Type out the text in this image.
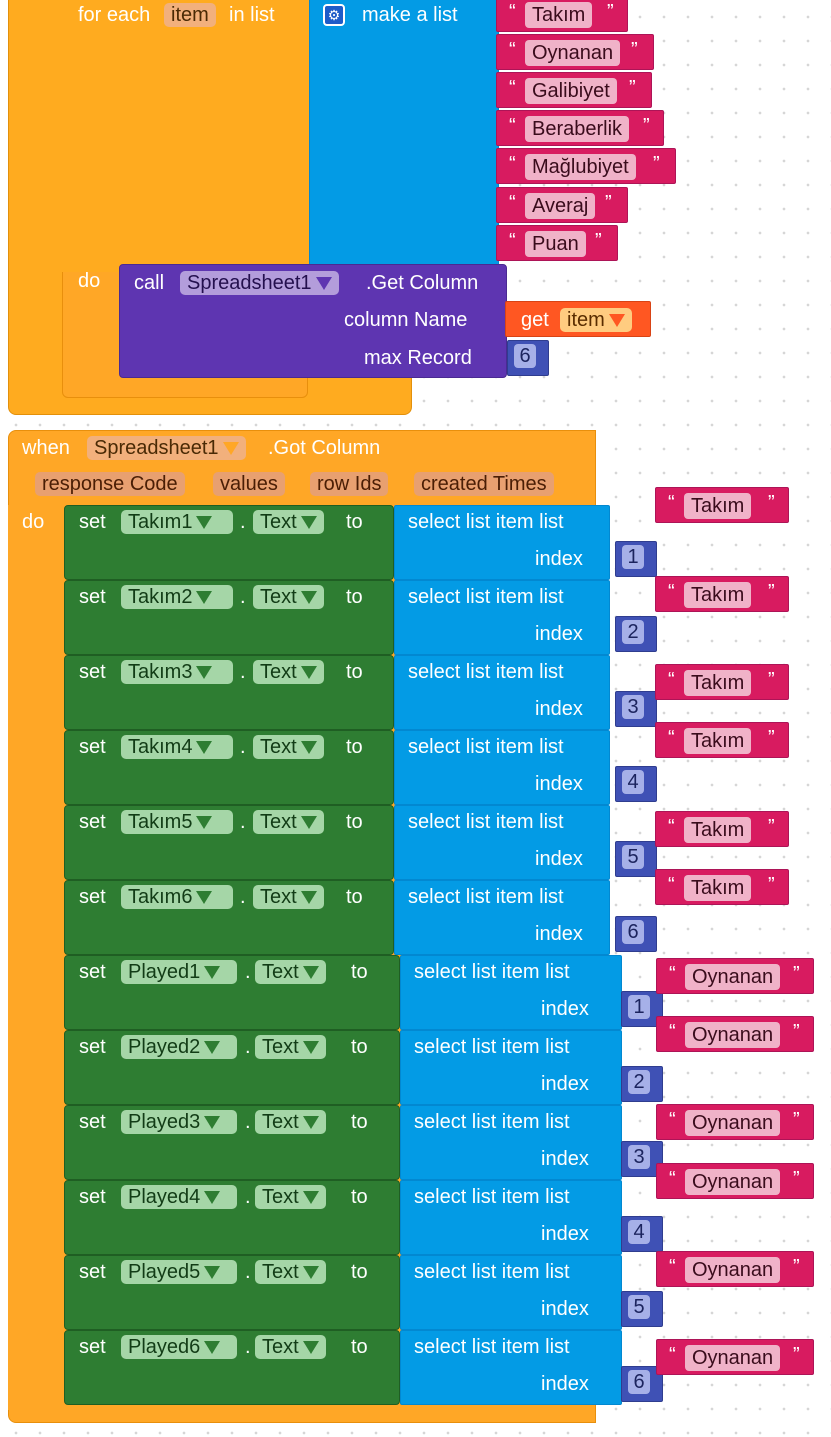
for each	item	in list	⚙ make a list	“ Takım	”
“ Oynanan ”
“ Galibiyet ”
“ Beraberlik	”
“ Mağlubiyet	”
“ Averaj ”
“ Puan ”
do call	Spreadsheet1	.Get Column
column Name	get item
max Record 6
when	Spreadsheet1	.Got Column
response Code	values	row Ids	created Times
do set	Takım1	. Text	to select list item list
index 1
“ Takım	”
set	Takım2	. Text	to select list item list
index 2
“ Takım	”
set	Takım3	. Text	to select list item list
index 3
“ Takım	”
set	Takım4	. Text	to select list item list
index 4
“ Takım	”
set	Takım5	. Text	to select list item list
index 5
“ Takım	”
set	Takım6	. Text	to select list item list
index 6
“ Takım	”
set	Played1	. Text	to select list item list
index 1
“ Oynanan ”
set	Played2	. Text	to select list item list
index 2
“ Oynanan ”
set	Played3	. Text	to select list item list
index 3
“ Oynanan ”
set	Played4	. Text	to select list item list
index 4
“ Oynanan ”
set	Played5	. Text	to select list item list
index 5
“ Oynanan ”
set	Played6	. Text	to select list item list
index 6
“ Oynanan ”
